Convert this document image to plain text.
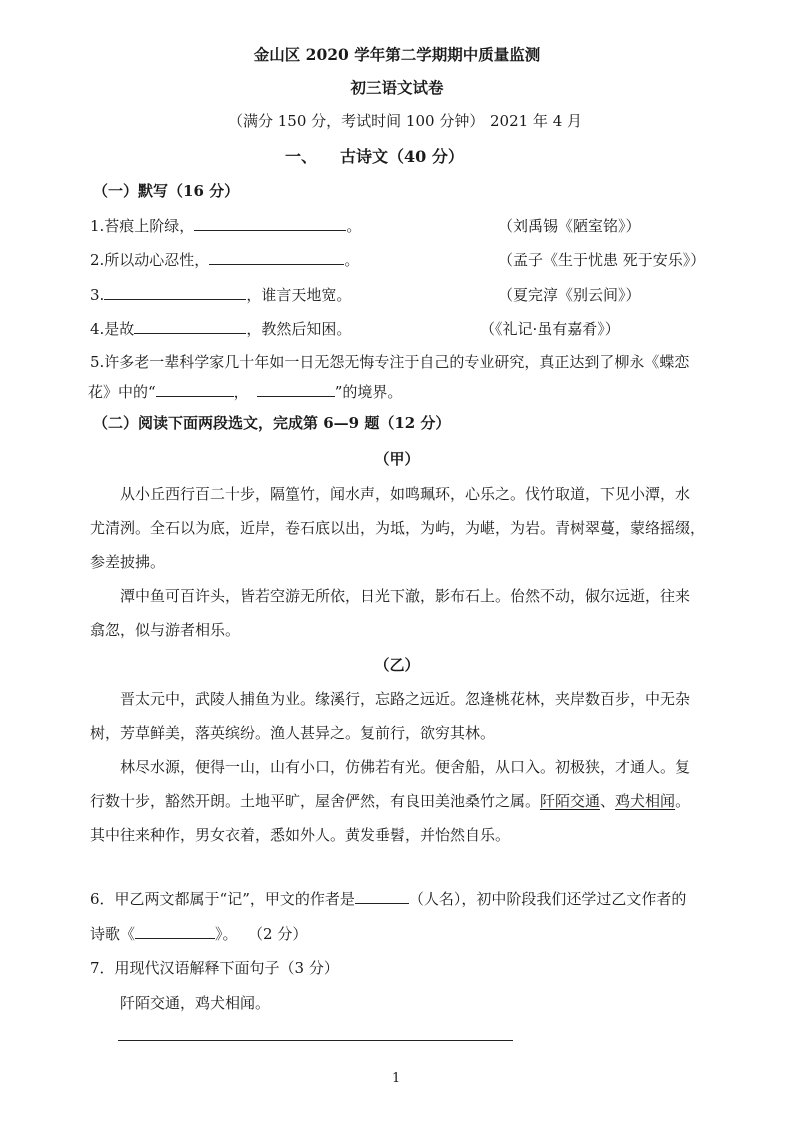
金山区 2020 学年第二学期期中质量监测
初三语文试卷
（满分 150 分，考试时间 100 分钟） 2021 年 4 月
一、 古诗文（40 分）
（一）默写（16 分）
1.苔痕上阶绿，	。	（刘禹锡《陋室铭》）
2.所以动心忍性，	。	（孟子《生于忧患 死于安乐》）
3.	，谁言天地宽。	（夏完淳《别云间》）
4.是故	，教然后知困。	（《礼记·虽有嘉肴》）
5.许多老一辈科学家几十年如一日无怨无悔专注于自己的专业研究，真正达到了柳永《蝶恋
花》中的“	，	”的境界。
（二）阅读下面两段选文，完成第 6—9 题（12 分）
（甲）
从小丘西行百二十步，隔篁竹，闻水声，如鸣珮环，心乐之。伐竹取道，下见小潭，水
尤清洌。全石以为底，近岸，卷石底以出，为坻，为屿，为嵁，为岩。青树翠蔓，蒙络摇缀，
参差披拂。
潭中鱼可百许头，皆若空游无所依，日光下澈，影布石上。佁然不动，俶尔远逝，往来
翕忽，似与游者相乐。
（乙）
晋太元中，武陵人捕鱼为业。缘溪行，忘路之远近。忽逢桃花林，夹岸数百步，中无杂
树，芳草鲜美，落英缤纷。渔人甚异之。复前行，欲穷其林。
林尽水源，便得一山，山有小口，仿佛若有光。便舍船，从口入。初极狭，才通人。复
行数十步，豁然开朗。土地平旷，屋舍俨然，有良田美池桑竹之属。阡陌交通、鸡犬相闻。
其中往来种作，男女衣着，悉如外人。黄发垂髫，并怡然自乐。
6．甲乙两文都属于“记”，甲文的作者是	（人名），初中阶段我们还学过乙文作者的
诗歌《	》。 （2 分）
7．用现代汉语解释下面句子（3 分）
阡陌交通，鸡犬相闻。
1
